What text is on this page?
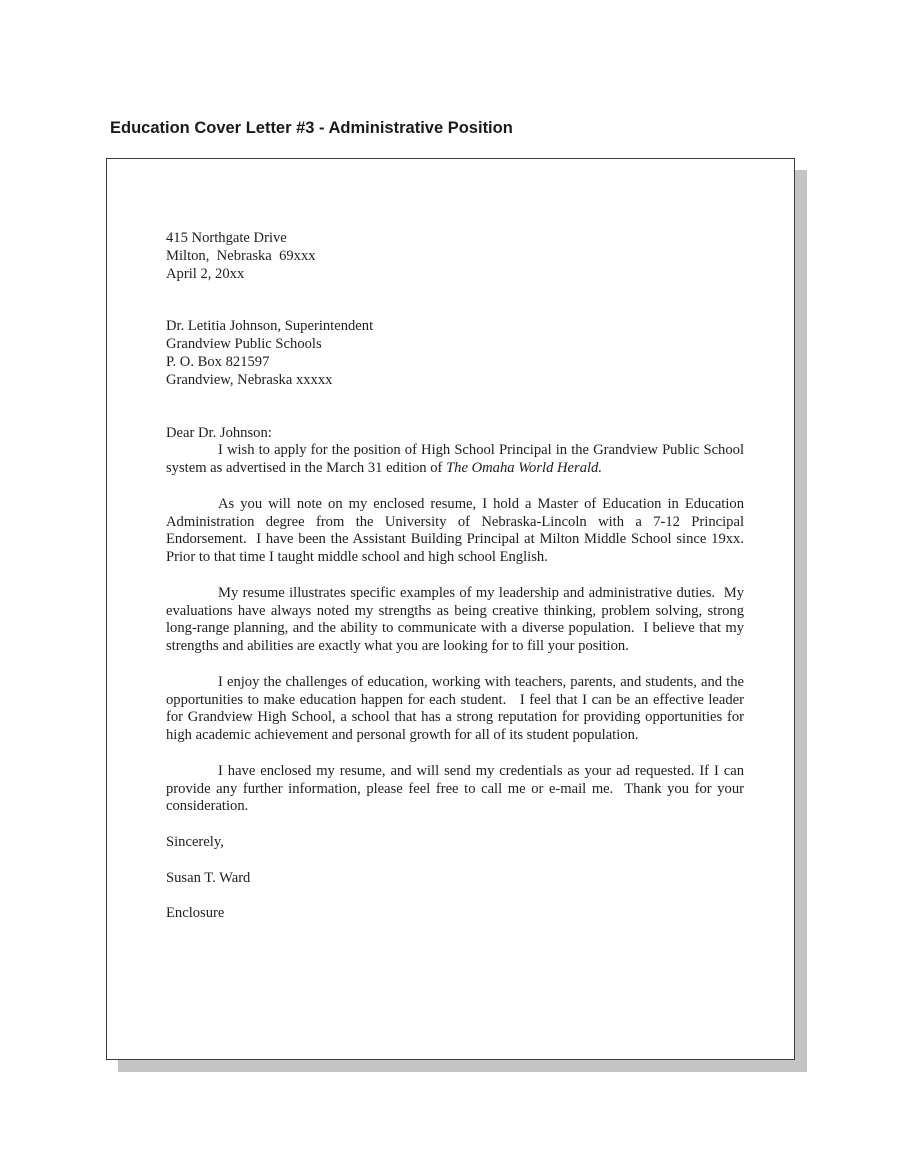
Education Cover Letter #3 - Administrative Position

415 Northgate Drive

Milton,  Nebraska  69xxx

April 2, 20xx

Dr. Letitia Johnson, Superintendent

Grandview Public Schools

P. O. Box 821597

Grandview, Nebraska xxxxx

Dear Dr. Johnson:

I wish to apply for the position of High School Principal in the Grandview Public School system as advertised in the March 31 edition of The Omaha World Herald.

As you will note on my enclosed resume, I hold a Master of Education in Education Administration degree from the University of Nebraska-Lincoln with a 7-12 Principal Endorsement.  I have been the Assistant Building Principal at Milton Middle School since 19xx.  Prior to that time I taught middle school and high school English.

My resume illustrates specific examples of my leadership and administrative duties.  My evaluations have always noted my strengths as being creative thinking, problem solving, strong long-range planning, and the ability to communicate with a diverse population.  I believe that my strengths and abilities are exactly what you are looking for to fill your position.

I enjoy the challenges of education, working with teachers, parents, and students, and the opportunities to make education happen for each student.   I feel that I can be an effective leader for Grandview High School, a school that has a strong reputation for providing opportunities for high academic achievement and personal growth for all of its student population.

I have enclosed my resume, and will send my credentials as your ad requested. If I can provide any further information, please feel free to call me or e-mail me.  Thank you for your consideration.

Sincerely,

Susan T. Ward

Enclosure
